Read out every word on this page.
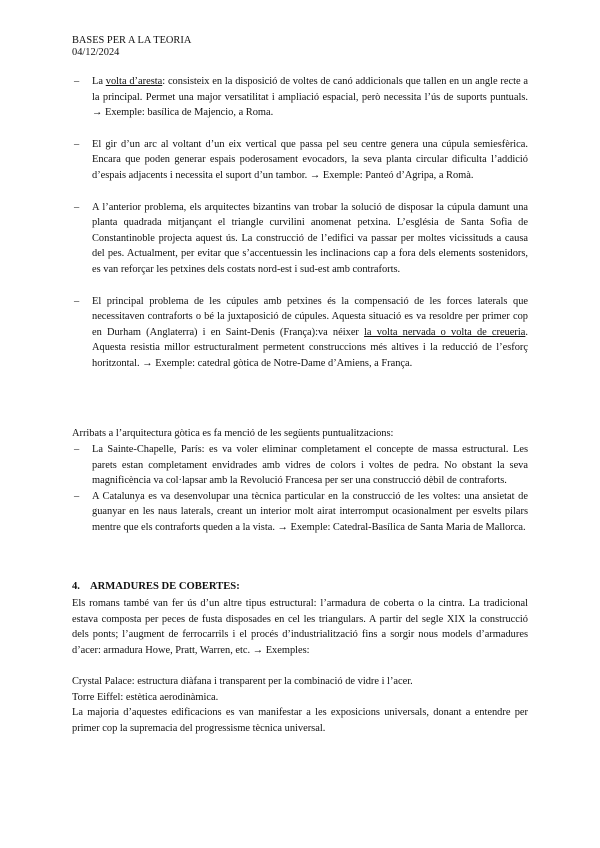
BASES PER A LA TEORIA
04/12/2024
– La volta d’aresta: consisteix en la disposició de voltes de canó addicionals que tallen en un angle recte a la principal. Permet una major versatilitat i ampliació espacial, però necessita l’ús de suports puntuals. → Exemple: basílica de Majencio, a Roma.
– El gir d’un arc al voltant d’un eix vertical que passa pel seu centre genera una cúpula semiesfèrica. Encara que poden generar espais poderosament evocadors, la seva planta circular dificulta l’addició d’espais adjacents i necessita el suport d’un tambor. → Exemple: Panteó d’Agripa, a Romà.
– A l’anterior problema, els arquitectes bizantins van trobar la solució de disposar la cúpula damunt una planta quadrada mitjançant el triangle curvilini anomenat petxina. L’església de Santa Sofia de Constantinoble projecta aquest ús. La construcció de l’edifici va passar per moltes vicissituds a causa del pes. Actualment, per evitar que s’accentuessin les inclinacions cap a fora dels elements sostenidors, es van reforçar les petxines dels costats nord-est i sud-est amb contraforts.
– El principal problema de les cúpules amb petxines és la compensació de les forces laterals que necessitaven contraforts o bé la juxtaposició de cúpules. Aquesta situació es va resoldre per primer cop en Durham (Anglaterra) i en Saint-Denis (França):va néixer la volta nervada o volta de creueria. Aquesta resistia millor estructuralment permetent construccions més altives i la reducció de l’esforç horitzontal. → Exemple: catedral gòtica de Notre-Dame d’Amiens, a França.
Arribats a l’arquitectura gòtica es fa menció de les següents puntualitzacions:
– La Sainte-Chapelle, París: es va voler eliminar completament el concepte de massa estructural. Les parets estan completament envidrades amb vidres de colors i voltes de pedra. No obstant la seva magnificència va col·lapsar amb la Revolució Francesa per ser una construcció dèbil de contraforts.
– A Catalunya es va desenvolupar una tècnica particular en la construcció de les voltes: una ansietat de guanyar en les naus laterals, creant un interior molt airat interromput ocasionalment per esvelts pilars mentre que els contraforts queden a la vista. → Exemple: Catedral-Basílica de Santa Maria de Mallorca.
4. ARMADURES DE COBERTES:
Els romans també van fer ús d’un altre tipus estructural: l’armadura de coberta o la cintra. La tradicional estava composta per peces de fusta disposades en cel les triangulars. A partir del segle XIX la construcció dels ponts; l’augment de ferrocarrils i el procés d’industrialització fins a sorgir nous models d’armadures d’acer: armadura Howe, Pratt, Warren, etc. → Exemples:
Crystal Palace: estructura diàfana i transparent per la combinació de vidre i l’acer.
Torre Eiffel: estètica aerodinàmica.
La majoria d’aquestes edificacions es van manifestar a les exposicions universals, donant a entendre per primer cop la supremacia del progressisme tècnica universal.
